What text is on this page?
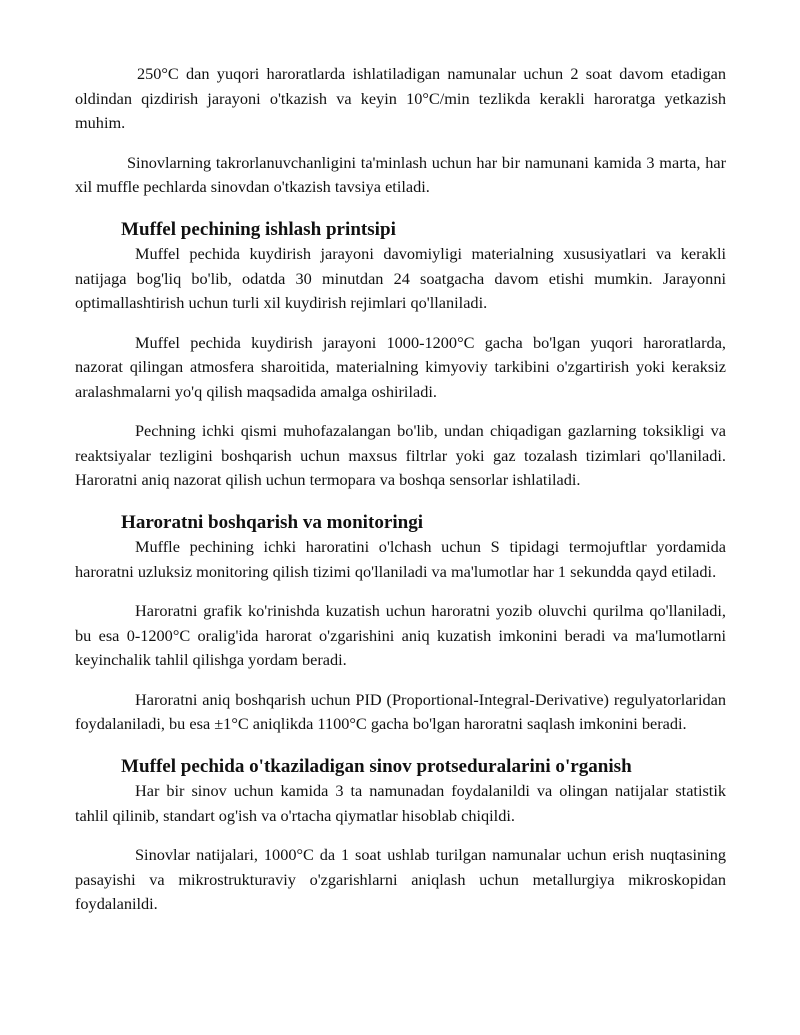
250°C dan yuqori haroratlarda ishlatiladigan namunalar uchun 2 soat davom etadigan oldindan qizdirish jarayoni o'tkazish va keyin 10°C/min tezlikda kerakli haroratga yetkazish muhim.

Sinovlarning takrorlanuvchanligini ta'minlash uchun har bir namunani kamida 3 marta, har xil muffle pechlarda sinovdan o'tkazish tavsiya etiladi.

Muffel pechining ishlash printsipi

Muffel pechida kuydirish jarayoni davomiyligi materialning xususiyatlari va kerakli natijaga bog'liq bo'lib, odatda 30 minutdan 24 soatgacha davom etishi mumkin. Jarayonni optimallashtirish uchun turli xil kuydirish rejimlari qo'llaniladi.

Muffel pechida kuydirish jarayoni 1000-1200°C gacha bo'lgan yuqori haroratlarda, nazorat qilingan atmosfera sharoitida, materialning kimyoviy tarkibini o'zgartirish yoki keraksiz aralashmalarni yo'q qilish maqsadida amalga oshiriladi.

Pechning ichki qismi muhofazalangan bo'lib, undan chiqadigan gazlarning toksikligi va reaktsiyalar tezligini boshqarish uchun maxsus filtrlar yoki gaz tozalash tizimlari qo'llaniladi. Haroratni aniq nazorat qilish uchun termopara va boshqa sensorlar ishlatiladi.

Haroratni boshqarish va monitoringi

Muffle pechining ichki haroratini o'lchash uchun S tipidagi termojuftlar yordamida haroratni uzluksiz monitoring qilish tizimi qo'llaniladi va ma'lumotlar har 1 sekundda qayd etiladi.

Haroratni grafik ko'rinishda kuzatish uchun haroratni yozib oluvchi qurilma qo'llaniladi, bu esa 0-1200°C oralig'ida harorat o'zgarishini aniq kuzatish imkonini beradi va ma'lumotlarni keyinchalik tahlil qilishga yordam beradi.

Haroratni aniq boshqarish uchun PID (Proportional-Integral-Derivative) regulyatorlaridan foydalaniladi, bu esa ±1°C aniqlikda 1100°C gacha bo'lgan haroratni saqlash imkonini beradi.

Muffel pechida o'tkaziladigan sinov protseduralarini o'rganish

Har bir sinov uchun kamida 3 ta namunadan foydalanildi va olingan natijalar statistik tahlil qilinib, standart og'ish va o'rtacha qiymatlar hisoblab chiqildi.

Sinovlar natijalari, 1000°C da 1 soat ushlab turilgan namunalar uchun erish nuqtasining pasayishi va mikrostrukturaviy o'zgarishlarni aniqlash uchun metallurgiya mikroskopidan foydalanildi.
